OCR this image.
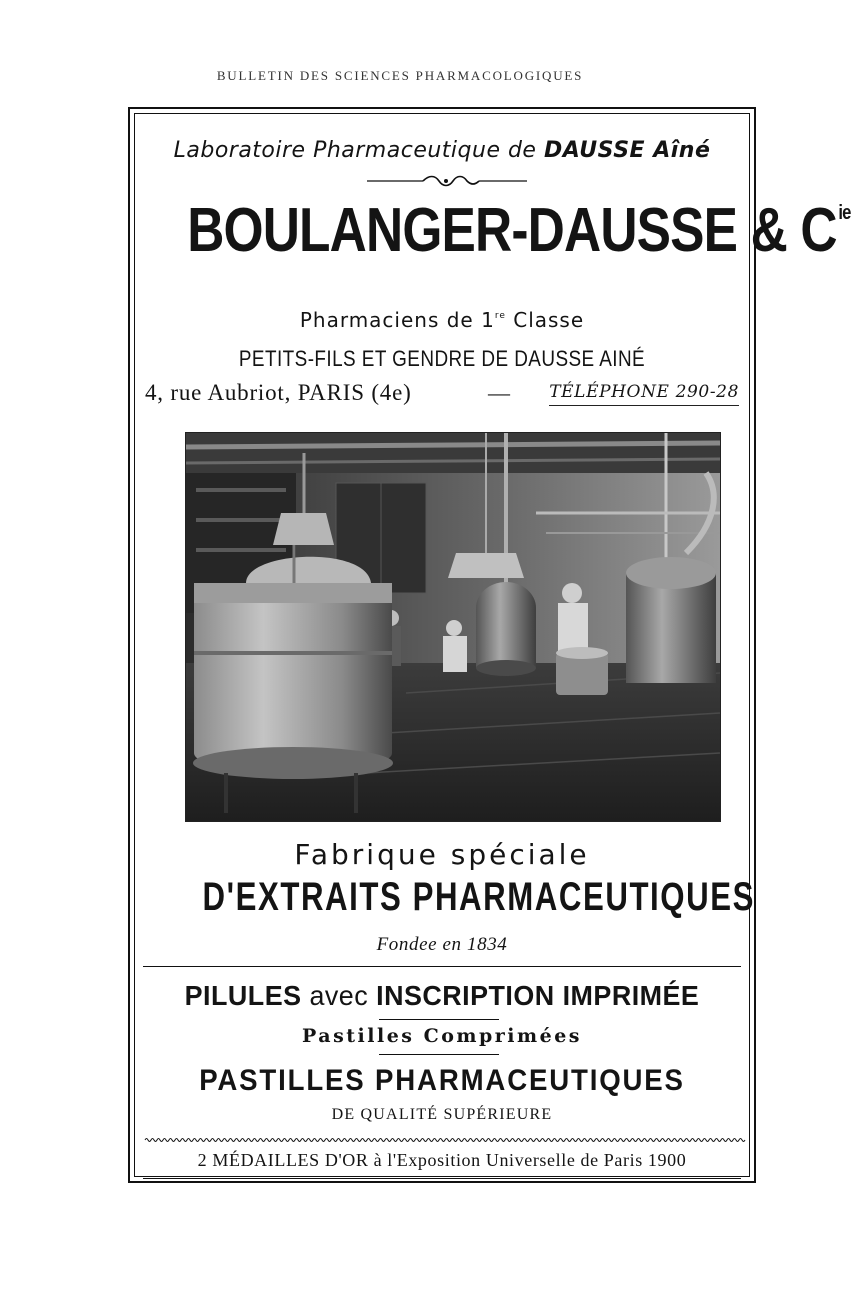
BULLETIN DES SCIENCES PHARMACOLOGIQUES
Laboratoire Pharmaceutique de DAUSSE Aîné
BOULANGER-DAUSSE & $C^{ie}$
Pharmaciens de 1re Classe
PETITS-FILS ET GENDRE DE DAUSSE AINÉ
4, rue Aubriot, PARIS (4e)	— TÉLÉPHONE 290-28
Fabrique spéciale
D'EXTRAITS PHARMACEUTIQUES
Fondee en 1834
PILULES avec INSCRIPTION IMPRIMÉE
Pastilles Comprimées
PASTILLES PHARMACEUTIQUES
DE QUALITÉ SUPÉRIEURE
2 MÉDAILLES D'OR à l'Exposition Universelle de Paris 1900
